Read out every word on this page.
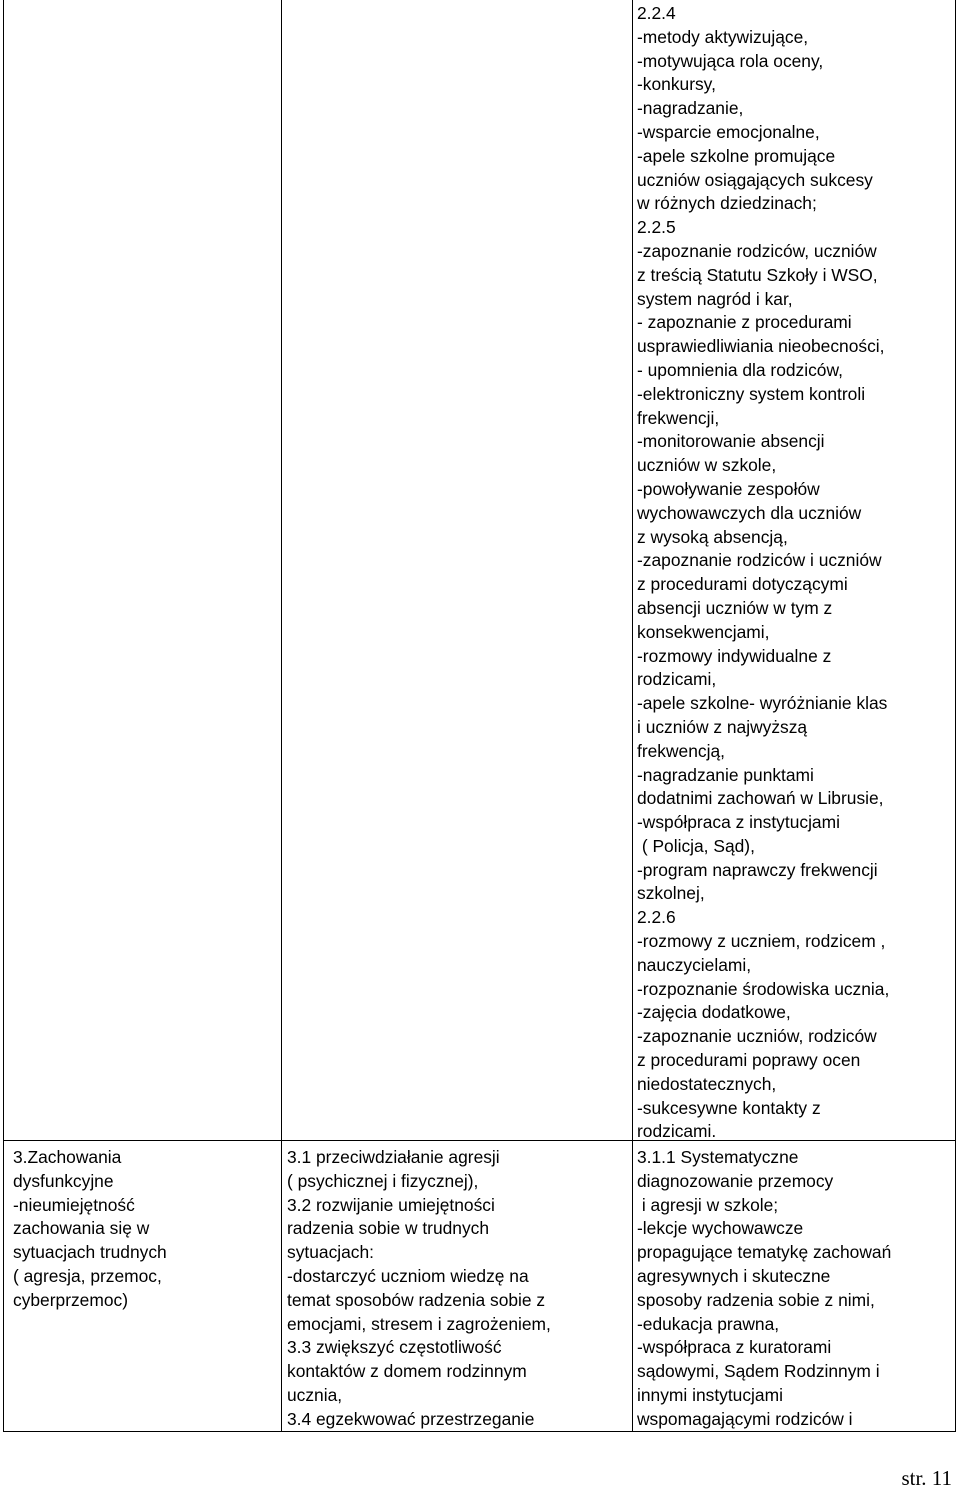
3.Zachowania
dysfunkcyjne
-nieumiejętność
zachowania się w
sytuacjach trudnych
( agresja, przemoc,
cyberprzemoc)
3.1 przeciwdziałanie agresji
( psychicznej i fizycznej),
3.2 rozwijanie umiejętności
radzenia sobie w trudnych
sytuacjach:
-dostarczyć uczniom wiedzę na
temat sposobów radzenia sobie z
emocjami, stresem i zagrożeniem,
3.3 zwiększyć częstotliwość
kontaktów z domem rodzinnym
ucznia,
3.4 egzekwować przestrzeganie
2.2.4
-metody aktywizujące,
-motywująca rola oceny,
-konkursy,
-nagradzanie,
-wsparcie emocjonalne,
-apele szkolne promujące
uczniów osiągających sukcesy
w różnych dziedzinach;
2.2.5
-zapoznanie rodziców, uczniów
z treścią Statutu Szkoły i WSO,
system nagród i kar,
- zapoznanie z procedurami
usprawiedliwiania nieobecności,
- upomnienia dla rodziców,
-elektroniczny system kontroli
frekwencji,
-monitorowanie absencji
uczniów w szkole,
-powoływanie zespołów
wychowawczych dla uczniów
z wysoką absencją,
-zapoznanie rodziców i uczniów
z procedurami dotyczącymi
absencji uczniów w tym z
konsekwencjami,
-rozmowy indywidualne z
rodzicami,
-apele szkolne- wyróżnianie klas
i uczniów z najwyższą
frekwencją,
-nagradzanie punktami
dodatnimi zachowań w Librusie,
-współpraca z instytucjami
( Policja, Sąd),
-program naprawczy frekwencji
szkolnej,
2.2.6
-rozmowy z uczniem, rodzicem ,
nauczycielami,
-rozpoznanie środowiska ucznia,
-zajęcia dodatkowe,
-zapoznanie uczniów, rodziców
z procedurami poprawy ocen
niedostatecznych,
-sukcesywne kontakty z
rodzicami.
3.1.1 Systematyczne
diagnozowanie przemocy
i agresji w szkole;
-lekcje wychowawcze
propagujące tematykę zachowań
agresywnych i skuteczne
sposoby radzenia sobie z nimi,
-edukacja prawna,
-współpraca z kuratorami
sądowymi, Sądem Rodzinnym i
innymi instytucjami
wspomagającymi rodziców i
str. 11
